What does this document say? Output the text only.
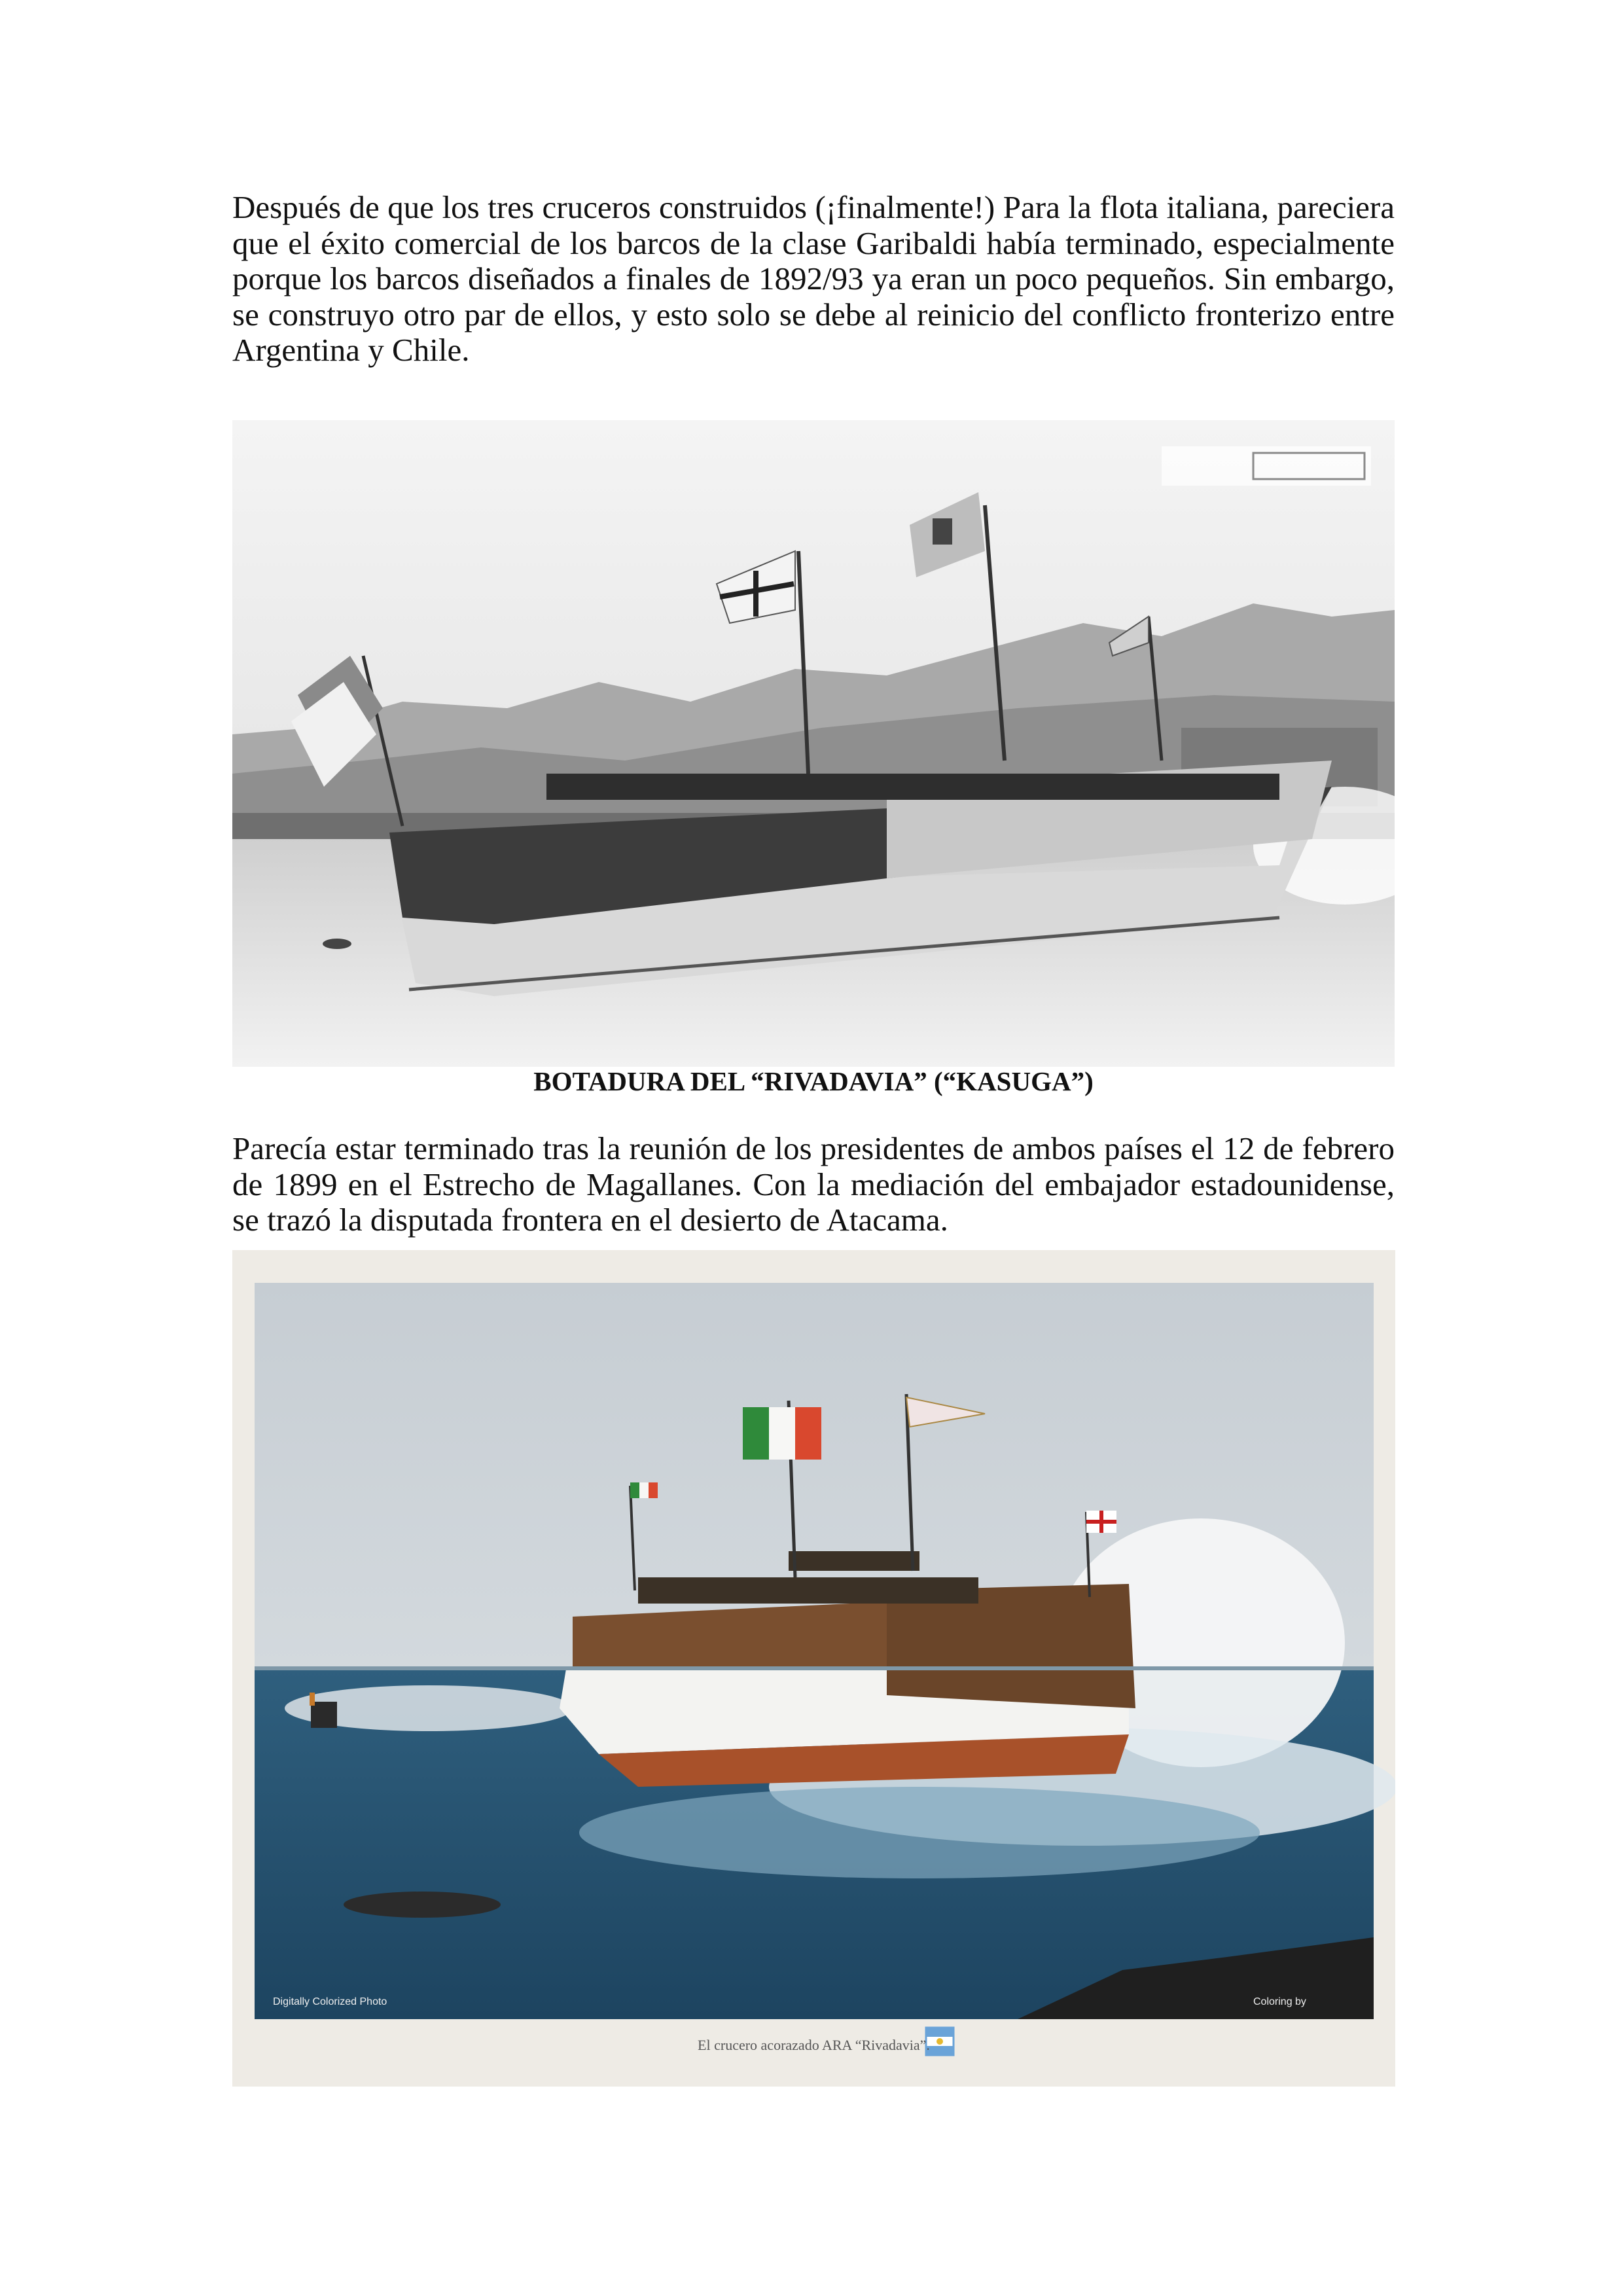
Después de que los tres cruceros construidos (¡finalmente!) Para la flota italiana, pareciera que el éxito comercial de los barcos de la clase Garibaldi había terminado, especialmente porque los barcos diseñados a finales de 1892/93 ya eran un poco pequeños. Sin embargo, se construyo otro par de ellos, y esto solo se debe al reinicio del conflicto fronterizo entre Argentina y Chile.

BOTADURA DEL “RIVADAVIA” (“KASUGA”)

Parecía estar terminado tras la reunión de los presidentes de ambos países el 12 de febrero de 1899 en el Estrecho de Magallanes. Con la mediación del embajador estadounidense, se trazó la disputada frontera en el desierto de Atacama.

Digitally Colorized Photo	Coloring by
El crucero acorazado ARA “Rivadavia”.
